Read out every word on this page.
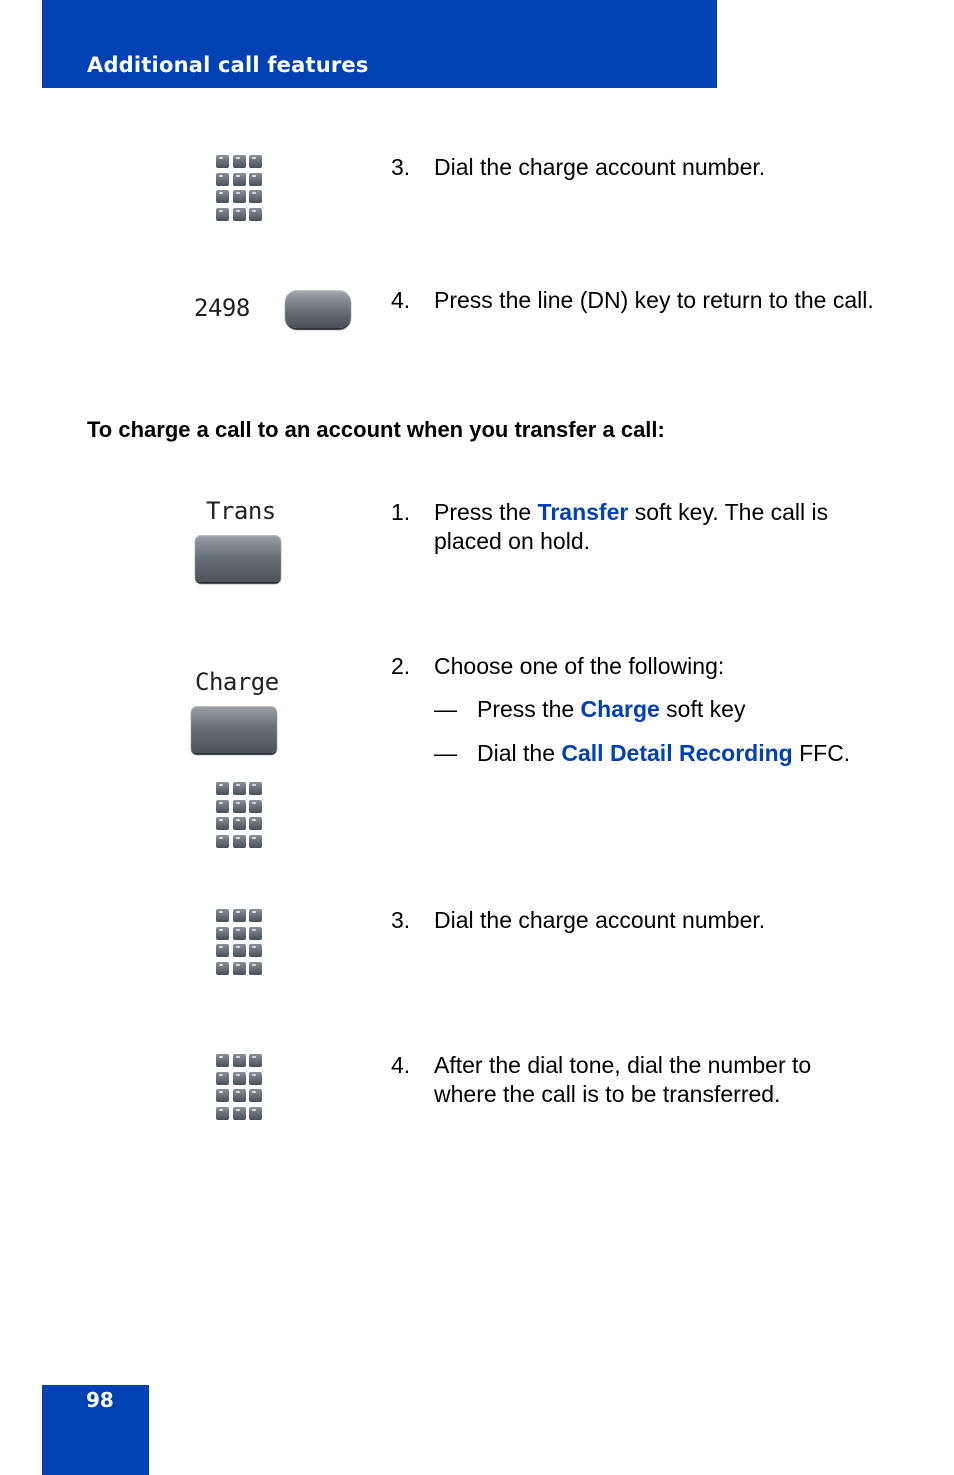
Additional call features
3. Dial the charge account number.
2498	4. Press the line (DN) key to return to the call.
To charge a call to an account when you transfer a call:
Trans	1. Press the Transfer soft key. The call is placed on hold.
Charge
2. Choose one of the following:
— Press the Charge soft key
— Dial the Call Detail Recording FFC.
3. Dial the charge account number.
4. After the dial tone, dial the number to where the call is to be transferred.
98
